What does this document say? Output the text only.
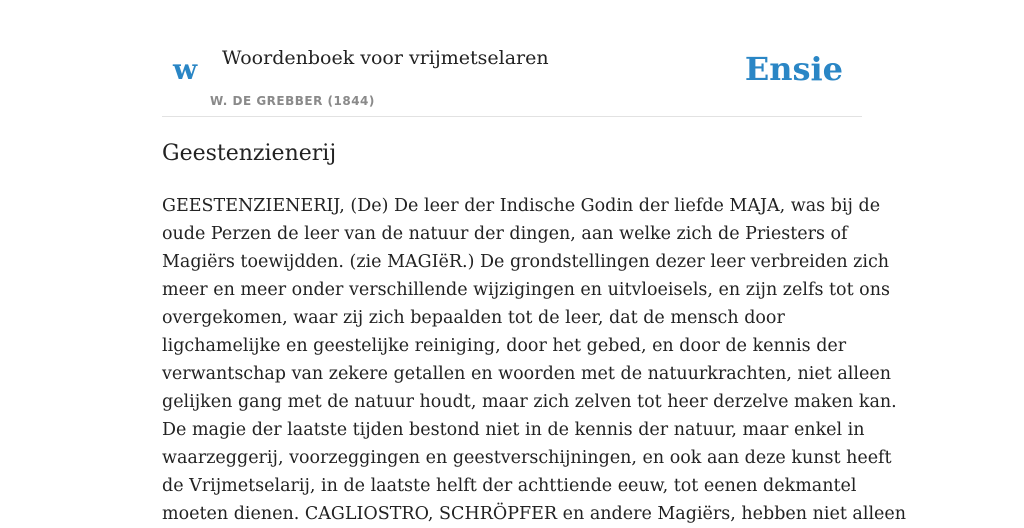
w Woordenboek voor vrijmetselaren
W. DE GREBBER (1844)
Ensie
Geestenzienerij
GEESTENZIENERIJ, (De) De leer der Indische Godin der liefde MAJA, was bij de
oude Perzen de leer van de natuur der dingen, aan welke zich de Priesters of
Magiërs toewijdden. (zie MAGIëR.) De grondstellingen dezer leer verbreiden zich
meer en meer onder verschillende wijzigingen en uitvloeisels, en zijn zelfs tot ons
overgekomen, waar zij zich bepaalden tot de leer, dat de mensch door
ligchamelijke en geestelijke reiniging, door het gebed, en door de kennis der
verwantschap van zekere getallen en woorden met de natuurkrachten, niet alleen
gelijken gang met de natuur houdt, maar zich zelven tot heer derzelve maken kan.
De magie der laatste tijden bestond niet in de kennis der natuur, maar enkel in
waarzeggerij, voorzeggingen en geestverschijningen, en ook aan deze kunst heeft
de Vrijmetselarij, in de laatste helft der achttiende eeuw, tot eenen dekmantel
moeten dienen. CAGLIOSTRO, SCHRÖPFER en andere Magiërs, hebben niet alleen
